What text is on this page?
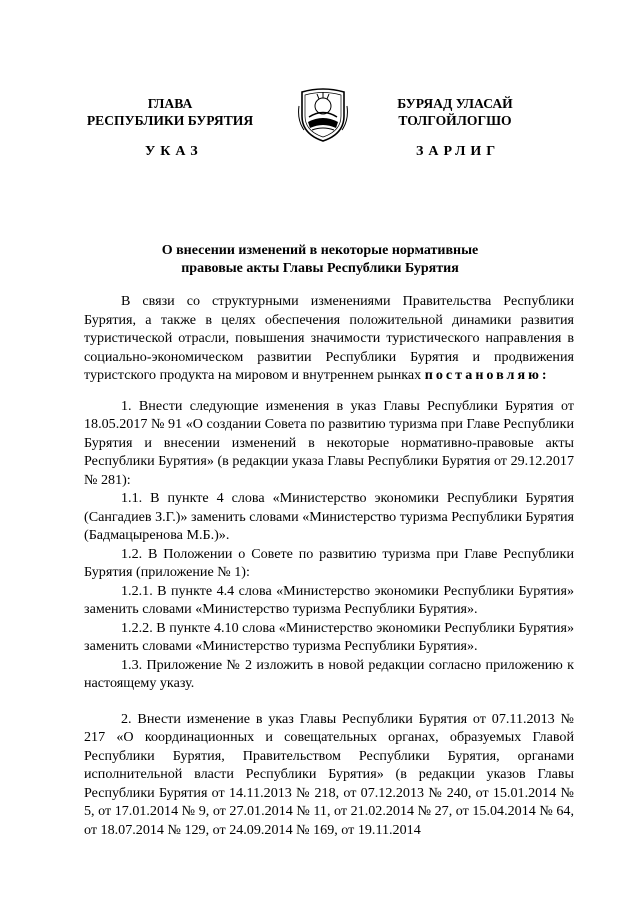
ГЛАВА
РЕСПУБЛИКИ БУРЯТИЯ
БУРЯАД УЛАСАЙ
ТОЛГОЙЛОГШО
УКАЗ	ЗАРЛИГ
О внесении изменений в некоторые нормативные
правовые акты Главы Республики Бурятия

В связи со структурными изменениями Правительства Республики Бурятия, а также в целях обеспечения положительной динамики развития туристической отрасли, повышения значимости туристического направления в социально-экономическом развитии Республики Бурятия и продвижения туристского продукта на мировом и внутреннем рынках постановляю:

1. Внести следующие изменения в указ Главы Республики Бурятия от 18.05.2017 № 91 «О создании Совета по развитию туризма при Главе Республики Бурятия и внесении изменений в некоторые нормативно-правовые акты Республики Бурятия» (в редакции указа Главы Республики Бурятия от 29.12.2017 № 281):

1.1. В пункте 4 слова «Министерство экономики Республики Бурятия (Сангадиев З.Г.)» заменить словами «Министерство туризма Республики Бурятия (Бадмацыренова М.Б.)».

1.2. В Положении о Совете по развитию туризма при Главе Республики Бурятия (приложение № 1):

1.2.1. В пункте 4.4 слова «Министерство экономики Республики Бурятия» заменить словами «Министерство туризма Республики Бурятия».

1.2.2. В пункте 4.10 слова «Министерство экономики Республики Бурятия» заменить словами «Министерство туризма Республики Бурятия».

1.3. Приложение № 2 изложить в новой редакции согласно приложению к настоящему указу.

2. Внести изменение в указ Главы Республики Бурятия от 07.11.2013 № 217 «О координационных и совещательных органах, образуемых Главой Республики Бурятия, Правительством Республики Бурятия, органами исполнительной власти Республики Бурятия» (в редакции указов Главы Республики Бурятия от 14.11.2013 № 218, от 07.12.2013 № 240, от 15.01.2014 № 5, от 17.01.2014 № 9, от 27.01.2014 № 11, от 21.02.2014 № 27, от 15.04.2014 № 64, от 18.07.2014 № 129, от 24.09.2014 № 169, от 19.11.2014
